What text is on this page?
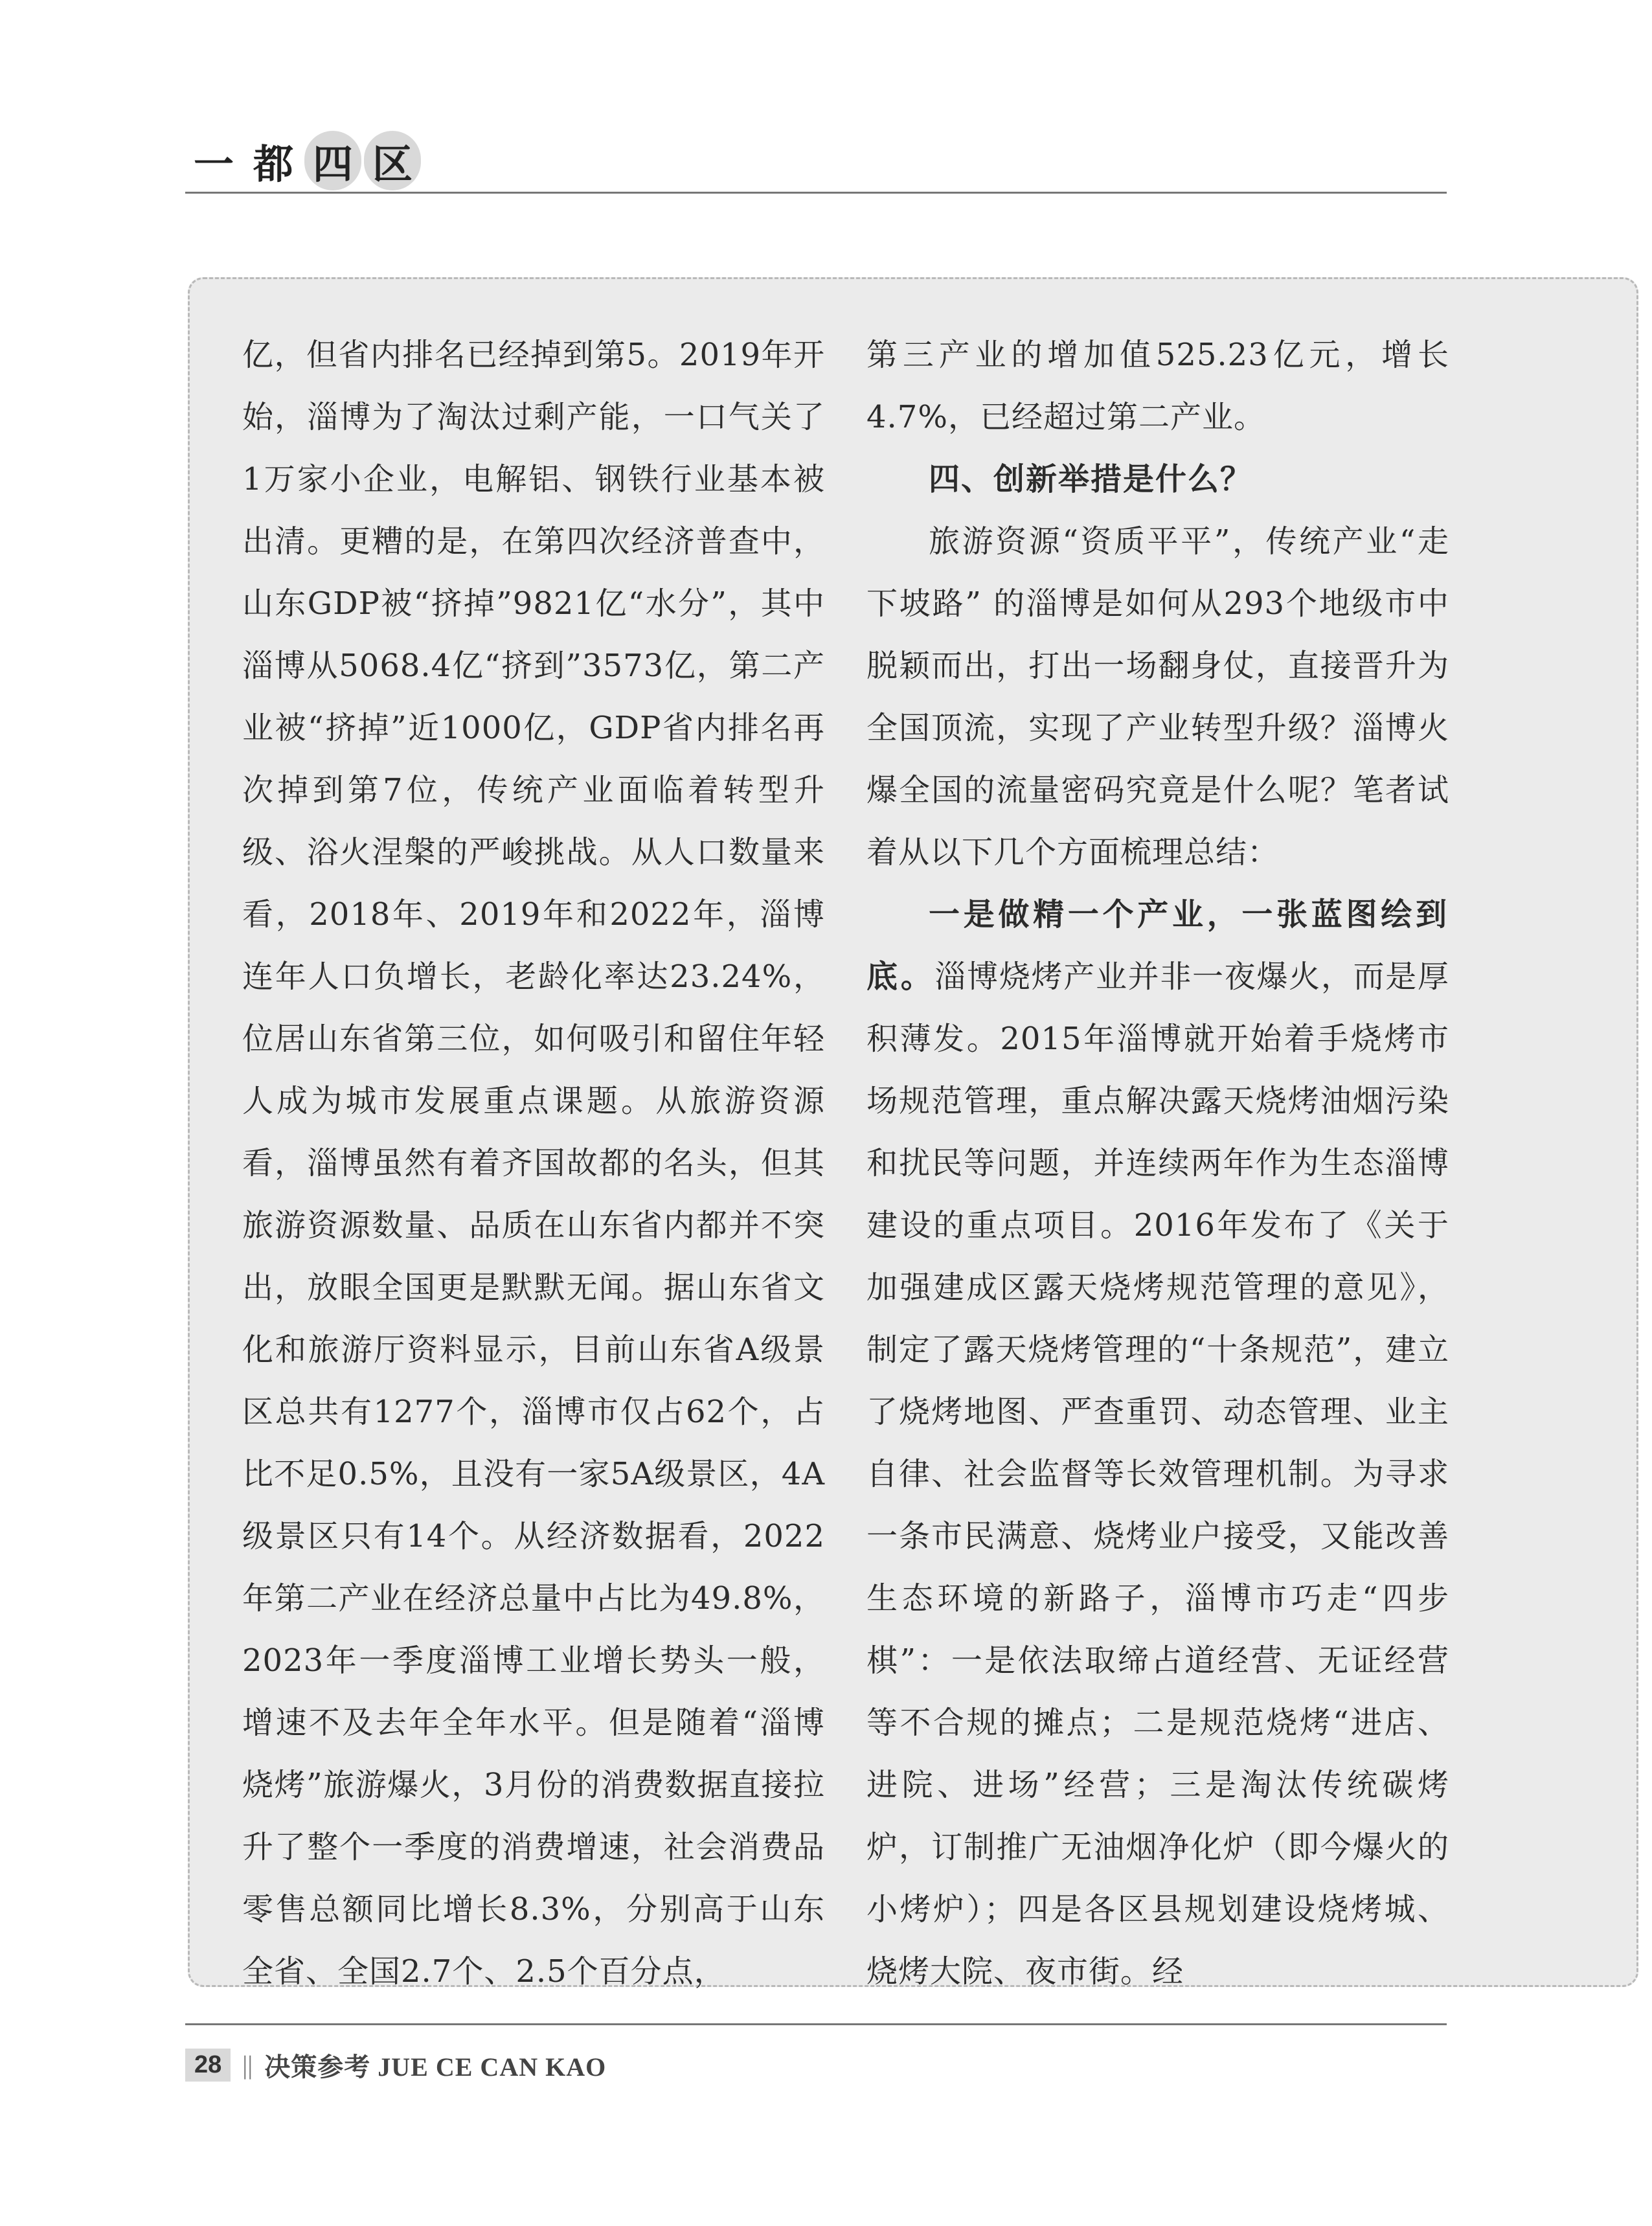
一 都 四 区

亿，但省内排名已经掉到第5。2019年开始，淄博为了淘汰过剩产能，一口气关了1万家小企业，电解铝、钢铁行业基本被出清。更糟的是，在第四次经济普查中，山东GDP被“挤掉”9821亿“水分”，其中淄博从5068.4亿“挤到”3573亿，第二产业被“挤掉”近1000亿，GDP省内排名再次掉到第7位，传统产业面临着转型升级、浴火涅槃的严峻挑战。从人口数量来看，2018年、2019年和2022年，淄博连年人口负增长，老龄化率达23.24%，位居山东省第三位，如何吸引和留住年轻人成为城市发展重点课题。从旅游资源看，淄博虽然有着齐国故都的名头，但其旅游资源数量、品质在山东省内都并不突出，放眼全国更是默默无闻。据山东省文化和旅游厅资料显示，目前山东省A级景区总共有1277个，淄博市仅占62个，占比不足0.5%，且没有一家5A级景区，4A级景区只有14个。从经济数据看，2022年第二产业在经济总量中占比为49.8%，2023年一季度淄博工业增长势头一般，增速不及去年全年水平。但是随着“淄博烧烤”旅游爆火，3月份的消费数据直接拉升了整个一季度的消费增速，社会消费品零售总额同比增长8.3%，分别高于山东全省、全国2.7个、2.5个百分点，

第三产业的增加值525.23亿元，增长4.7%，已经超过第二产业。

四、创新举措是什么？

旅游资源“资质平平”，传统产业“走下坡路” 的淄博是如何从293个地级市中脱颖而出，打出一场翻身仗，直接晋升为全国顶流，实现了产业转型升级？淄博火爆全国的流量密码究竟是什么呢？笔者试着从以下几个方面梳理总结：

一是做精一个产业，一张蓝图绘到底。淄博烧烤产业并非一夜爆火，而是厚积薄发。2015年淄博就开始着手烧烤市场规范管理，重点解决露天烧烤油烟污染和扰民等问题，并连续两年作为生态淄博建设的重点项目。2016年发布了《关于加强建成区露天烧烤规范管理的意见》，制定了露天烧烤管理的“十条规范”，建立了烧烤地图、严查重罚、动态管理、业主自律、社会监督等长效管理机制。为寻求一条市民满意、烧烤业户接受，又能改善生态环境的新路子，淄博市巧走“四步棋”：一是依法取缔占道经营、无证经营等不合规的摊点；二是规范烧烤“进店、进院、进场”经营；三是淘汰传统碳烤炉，订制推广无油烟净化炉（即今爆火的小烤炉）；四是各区县规划建设烧烤城、烧烤大院、夜市街。经

28 || 决策参考 JUE CE CAN KAO
